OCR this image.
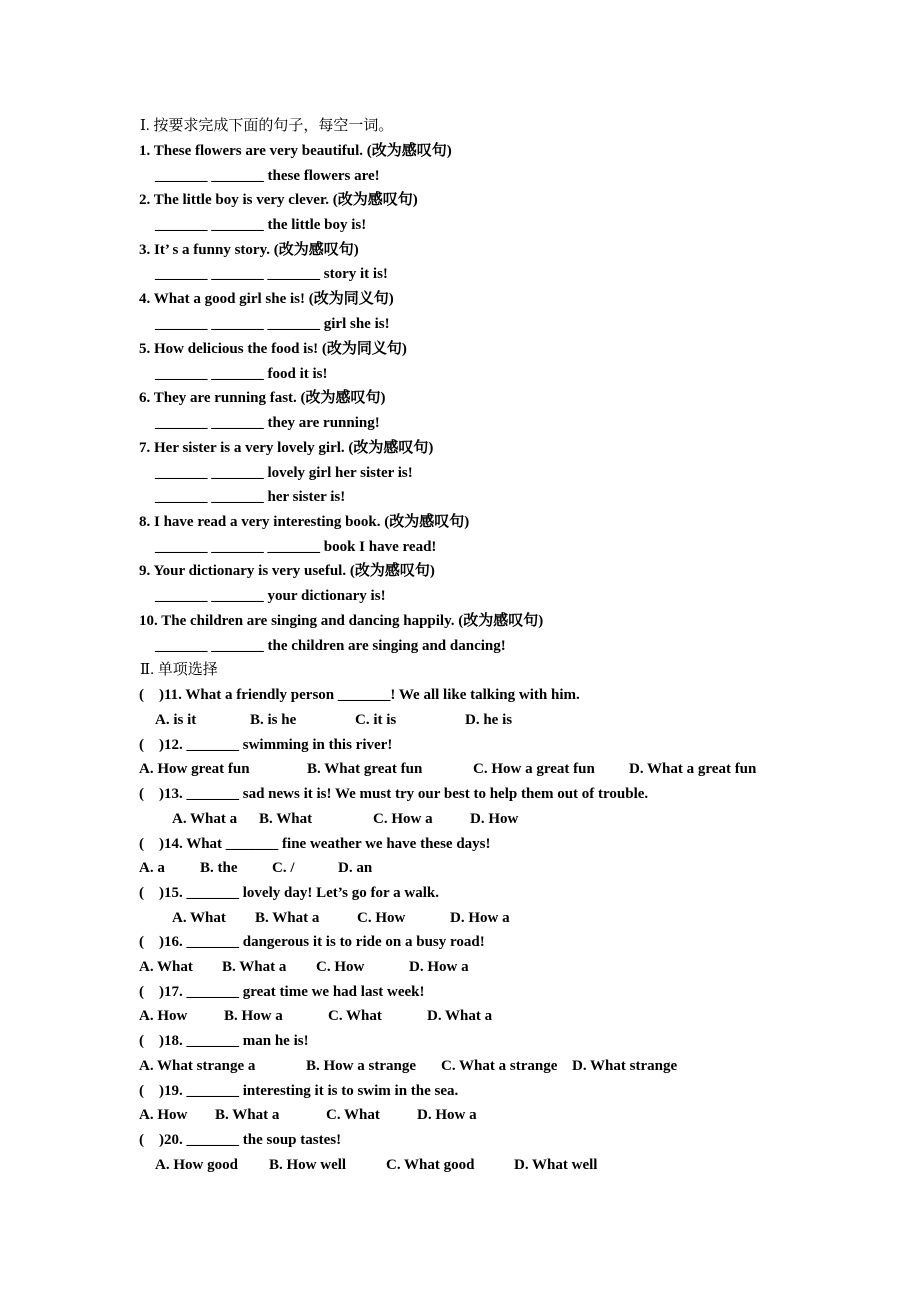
Ⅰ. 按要求完成下面的句子，每空一词。
1. These flowers are very beautiful. (改为感叹句)
_______ _______ these flowers are!
2. The little boy is very clever. (改为感叹句)
_______ _______ the little boy is!
3. It’ s a funny story. (改为感叹句)
_______ _______ _______ story it is!
4. What a good girl she is! (改为同义句)
_______ _______ _______ girl she is!
5. How delicious the food is! (改为同义句)
_______ _______ food it is!
6. They are running fast. (改为感叹句)
_______ _______ they are running!
7. Her sister is a very lovely girl. (改为感叹句)
_______ _______ lovely girl her sister is!
_______ _______ her sister is!
8. I have read a very interesting book. (改为感叹句)
_______ _______ _______ book I have read!
9. Your dictionary is very useful. (改为感叹句)
_______ _______ your dictionary is!
10. The children are singing and dancing happily. (改为感叹句)
_______ _______ the children are singing and dancing!
Ⅱ. 单项选择
(    )11. What a friendly person _______! We all like talking with him.
A. is it	B. is he	C. it is	D. he is
(    )12. _______ swimming in this river!
A. How great fun	B. What great fun	C. How a great fun D. What a great fun
(    )13. _______ sad news it is! We must try our best to help them out of trouble.
A. What a B. What	C. How a D. How
(    )14. What _______ fine weather we have these days!
A. a B. the C. /	D. an
(    )15. _______ lovely day! Let’s go for a walk.
A. What B. What a	C. How	D. How a
(    )16. _______ dangerous it is to ride on a busy road!
A. What B. What a C. How	D. How a
(    )17. _______ great time we had last week!
A. How B. How a	C. What	D. What a
(    )18. _______ man he is!
A. What strange a	B. How a strange C. What a strange D. What strange
(    )19. _______ interesting it is to swim in the sea.
A. How B. What a	C. What D. How a
(    )20. _______ the soup tastes!
A. How good B. How well	C. What good	D. What well
